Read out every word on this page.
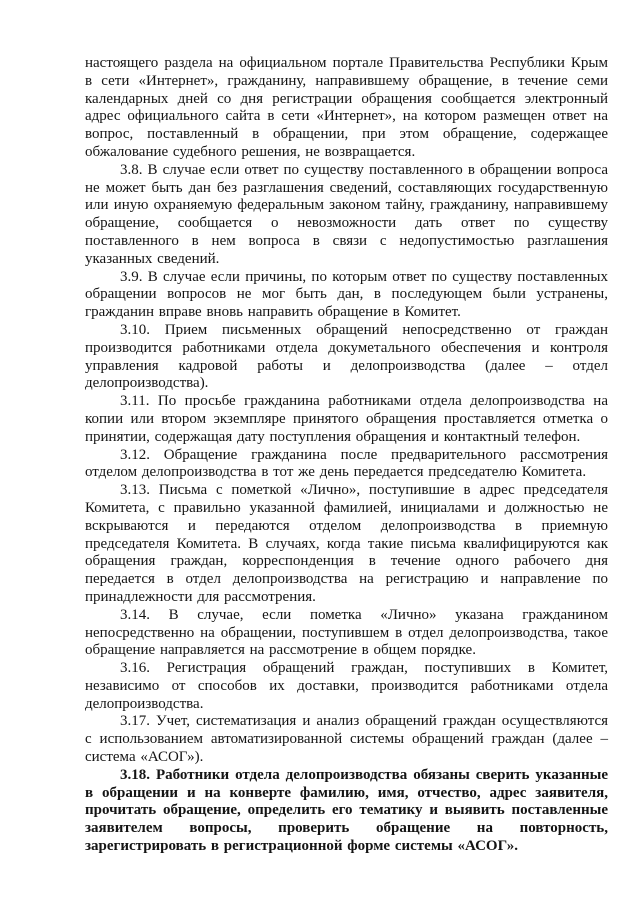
настоящего раздела на официальном портале Правительства Республики Крым в сети «Интернет», гражданину, направившему обращение, в течение семи календарных дней со дня регистрации обращения сообщается электронный адрес официального сайта в сети «Интернет», на котором размещен ответ на вопрос, поставленный в обращении, при этом обращение, содержащее обжалование судебного решения, не возвращается.

3.8. В случае если ответ по существу поставленного в обращении вопроса не может быть дан без разглашения сведений, составляющих государственную или иную охраняемую федеральным законом тайну, гражданину, направившему обращение, сообщается о невозможности дать ответ по существу поставленного в нем вопроса в связи с недопустимостью разглашения указанных сведений.

3.9. В случае если причины, по которым ответ по существу поставленных обращении вопросов не мог быть дан, в последующем были устранены, гражданин вправе вновь направить обращение в Комитет.

3.10. Прием письменных обращений непосредственно от граждан производится работниками отдела докуметального обеспечения и контроля управления кадровой работы и делопроизводства (далее – отдел делопроизводства).

3.11. По просьбе гражданина работниками отдела делопроизводства на копии или втором экземпляре принятого обращения проставляется отметка о принятии, содержащая дату поступления обращения и контактный телефон.

3.12. Обращение гражданина после предварительного рассмотрения отделом делопроизводства в тот же день передается председателю Комитета.

3.13. Письма с пометкой «Лично», поступившие в адрес председателя Комитета, с правильно указанной фамилией, инициалами и должностью не вскрываются и передаются отделом делопроизводства в приемную председателя Комитета. В случаях, когда такие письма квалифицируются как обращения граждан, корреспонденция в течение одного рабочего дня передается в отдел делопроизводства на регистрацию и направление по принадлежности для рассмотрения.

3.14. В случае, если пометка «Лично» указана гражданином непосредственно на обращении, поступившем в отдел делопроизводства, такое обращение направляется на рассмотрение в общем порядке.

3.16. Регистрация обращений граждан, поступивших в Комитет, независимо от способов их доставки, производится работниками отдела делопроизводства.

3.17. Учет, систематизация и анализ обращений граждан осуществляются с использованием автоматизированной системы обращений граждан (далее – система «АСОГ»).

3.18. Работники отдела делопроизводства обязаны сверить указанные в обращении и на конверте фамилию, имя, отчество, адрес заявителя, прочитать обращение, определить его тематику и выявить поставленные заявителем вопросы, проверить обращение на повторность, зарегистрировать в регистрационной форме системы «АСОГ».
